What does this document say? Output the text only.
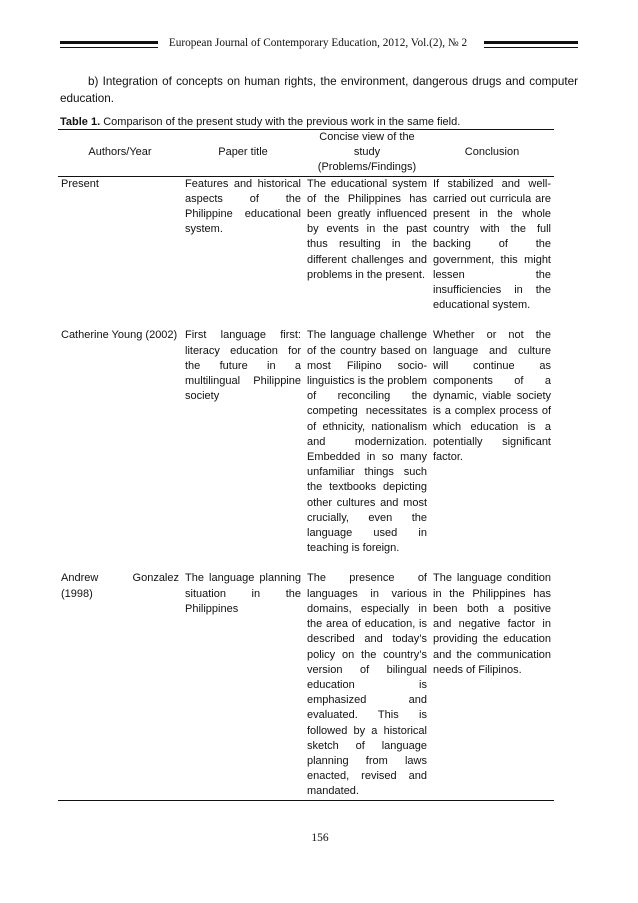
European Journal of Contemporary Education, 2012, Vol.(2), № 2
b) Integration of concepts on human rights, the environment, dangerous drugs and computer education.
Table 1. Comparison of the present study with the previous work in the same field.
Authors/Year	Paper title	Concise view of the study (Problems/Findings)	Conclusion
Present	Features and historical aspects of the Philippine educational system.	The educational system of the Philippines has been greatly influenced by events in the past thus resulting in the different challenges and problems in the present.	If stabilized and well-carried out curricula are present in the whole country with the full backing of the government, this might lessen the insufficiencies in the educational system.
Catherine Young (2002)	First language first: literacy education for the future in a multilingual Philippine society	The language challenge of the country based on most Filipino socio-linguistics is the problem of reconciling the competing necessitates of ethnicity, nationalism and modernization. Embedded in so many unfamiliar things such the textbooks depicting other cultures and most crucially, even the language used in teaching is foreign.	Whether or not the language and culture will continue as components of a dynamic, viable society is a complex process of which education is a potentially significant factor.
Andrew Gonzalez (1998)	The language planning situation in the Philippines	The presence of languages in various domains, especially in the area of education, is described and today’s policy on the country’s version of bilingual education is emphasized and evaluated. This is followed by a historical sketch of language planning from laws enacted, revised and mandated.	The language condition in the Philippines has been both a positive and negative factor in providing the education and the communication needs of Filipinos.
156
